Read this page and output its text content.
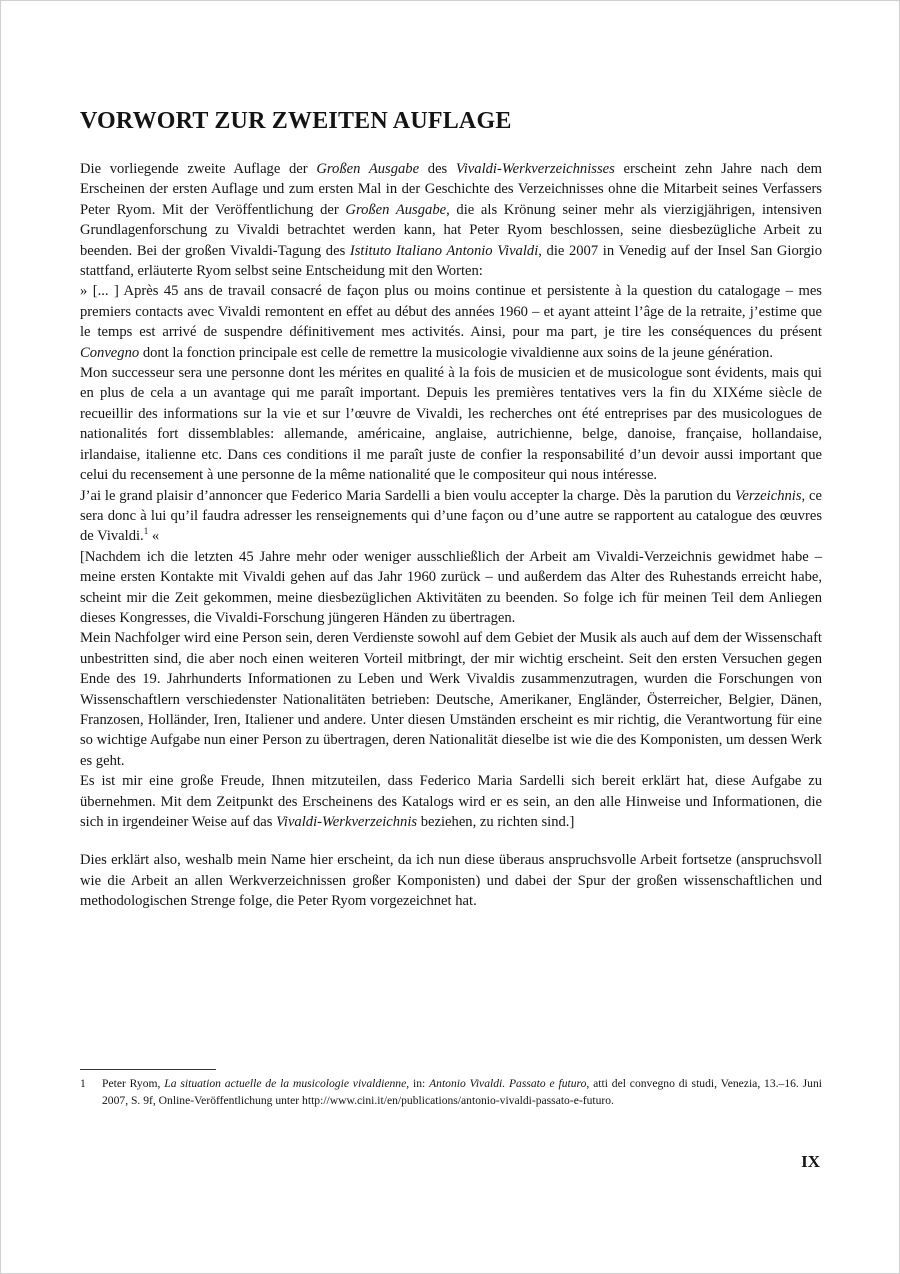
VORWORT ZUR ZWEITEN AUFLAGE

Die vorliegende zweite Auflage der Großen Ausgabe des Vivaldi-Werkverzeichnisses erscheint zehn Jahre nach dem Erscheinen der ersten Auflage und zum ersten Mal in der Geschichte des Verzeichnisses ohne die Mitarbeit seines Verfassers Peter Ryom. Mit der Veröffentlichung der Großen Ausgabe, die als Krönung seiner mehr als vierzigjährigen, intensiven Grundlagenforschung zu Vivaldi betrachtet werden kann, hat Peter Ryom beschlossen, seine diesbezügliche Arbeit zu beenden. Bei der großen Vivaldi-Tagung des Istituto Italiano Antonio Vivaldi, die 2007 in Venedig auf der Insel San Giorgio stattfand, erläuterte Ryom selbst seine Entscheidung mit den Worten:

» [... ] Après 45 ans de travail consacré de façon plus ou moins continue et persistente à la question du catalogage – mes premiers contacts avec Vivaldi remontent en effet au début des années 1960 – et ayant atteint l’âge de la retraite, j’estime que le temps est arrivé de suspendre définitivement mes activités. Ainsi, pour ma part, je tire les conséquences du présent Convegno dont la fonction principale est celle de remettre la musicologie vivaldienne aux soins de la jeune génération.

Mon successeur sera une personne dont les mérites en qualité à la fois de musicien et de musicologue sont évidents, mais qui en plus de cela a un avantage qui me paraît important. Depuis les premières tentatives vers la fin du XIXéme siècle de recueillir des informations sur la vie et sur l’œuvre de Vivaldi, les recherches ont été entreprises par des musicologues de nationalités fort dissemblables: allemande, américaine, anglaise, autrichienne, belge, danoise, française, hollandaise, irlandaise, italienne etc. Dans ces conditions il me paraît juste de confier la responsabilité d’un devoir aussi important que celui du recensement à une personne de la même nationalité que le compositeur qui nous intéresse.

J’ai le grand plaisir d’annoncer que Federico Maria Sardelli a bien voulu accepter la charge. Dès la parution du Verzeichnis, ce sera donc à lui qu’il faudra adresser les renseignements qui d’une façon ou d’une autre se rapportent au catalogue des œuvres de Vivaldi.$^1$ «

[Nachdem ich die letzten 45 Jahre mehr oder weniger ausschließlich der Arbeit am Vivaldi-Verzeichnis gewidmet habe – meine ersten Kontakte mit Vivaldi gehen auf das Jahr 1960 zurück – und außerdem das Alter des Ruhestands erreicht habe, scheint mir die Zeit gekommen, meine diesbezüglichen Aktivitäten zu beenden. So folge ich für meinen Teil dem Anliegen dieses Kongresses, die Vivaldi-Forschung jüngeren Händen zu übertragen.

Mein Nachfolger wird eine Person sein, deren Verdienste sowohl auf dem Gebiet der Musik als auch auf dem der Wissenschaft unbestritten sind, die aber noch einen weiteren Vorteil mitbringt, der mir wichtig erscheint. Seit den ersten Versuchen gegen Ende des 19. Jahrhunderts Informationen zu Leben und Werk Vivaldis zusammenzutragen, wurden die Forschungen von Wissenschaftlern verschiedenster Nationalitäten betrieben: Deutsche, Amerikaner, Engländer, Österreicher, Belgier, Dänen, Franzosen, Holländer, Iren, Italiener und andere. Unter diesen Umständen erscheint es mir richtig, die Verantwortung für eine so wichtige Aufgabe nun einer Person zu übertragen, deren Nationalität dieselbe ist wie die des Komponisten, um dessen Werk es geht.

Es ist mir eine große Freude, Ihnen mitzuteilen, dass Federico Maria Sardelli sich bereit erklärt hat, diese Aufgabe zu übernehmen. Mit dem Zeitpunkt des Erscheinens des Katalogs wird er es sein, an den alle Hinweise und Informationen, die sich in irgendeiner Weise auf das Vivaldi-Werkverzeichnis beziehen, zu richten sind.]

Dies erklärt also, weshalb mein Name hier erscheint, da ich nun diese überaus anspruchsvolle Arbeit fortsetze (anspruchsvoll wie die Arbeit an allen Werkverzeichnissen großer Komponisten) und dabei der Spur der großen wissenschaftlichen und methodologischen Strenge folge, die Peter Ryom vorgezeichnet hat.

1	Peter Ryom, La situation actuelle de la musicologie vivaldienne, in: Antonio Vivaldi. Passato e futuro, atti del convegno di studi, Venezia, 13.–16. Juni 2007, S. 9f, Online-Veröffentlichung unter http://www.cini.it/en/publications/antonio-vivaldi-passato-e-futuro.
IX
